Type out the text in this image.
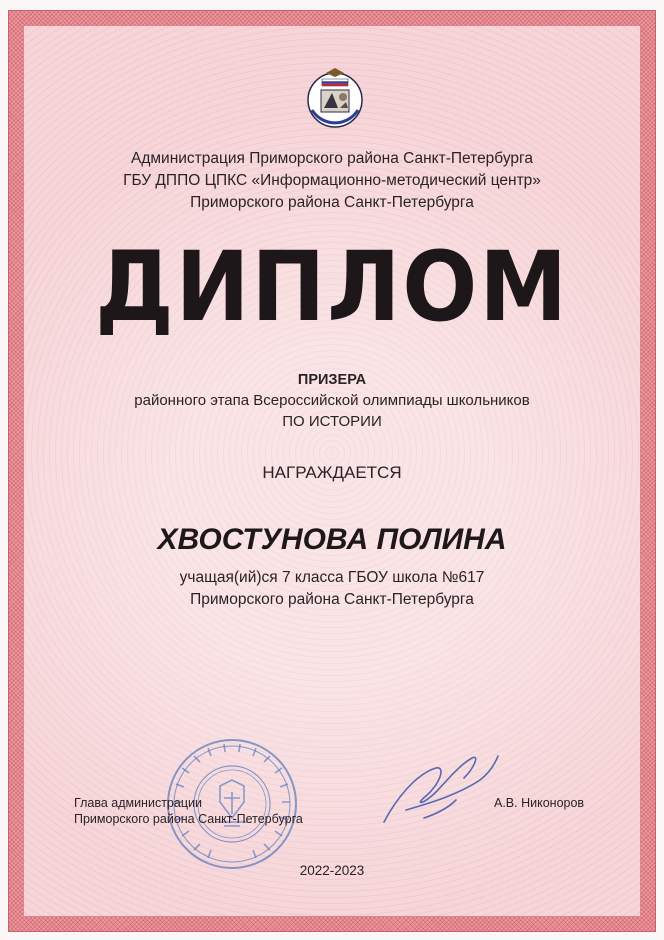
Администрация Приморского района Санкт-Петербурга
ГБУ ДППО ЦПКС «Информационно-методический центр»
Приморского района Санкт-Петербурга
ДИПЛОМ
ПРИЗЕРА
районного этапа Всероссийской олимпиады школьников
ПО ИСТОРИИ
НАГРАЖДАЕТСЯ
ХВОСТУНОВА ПОЛИНА
учащая(ий)ся 7 класса ГБОУ школа №617
Приморского района Санкт-Петербурга
Глава администрации
Приморского района Санкт-Петербурга
А.В. Никоноров
2022-2023
